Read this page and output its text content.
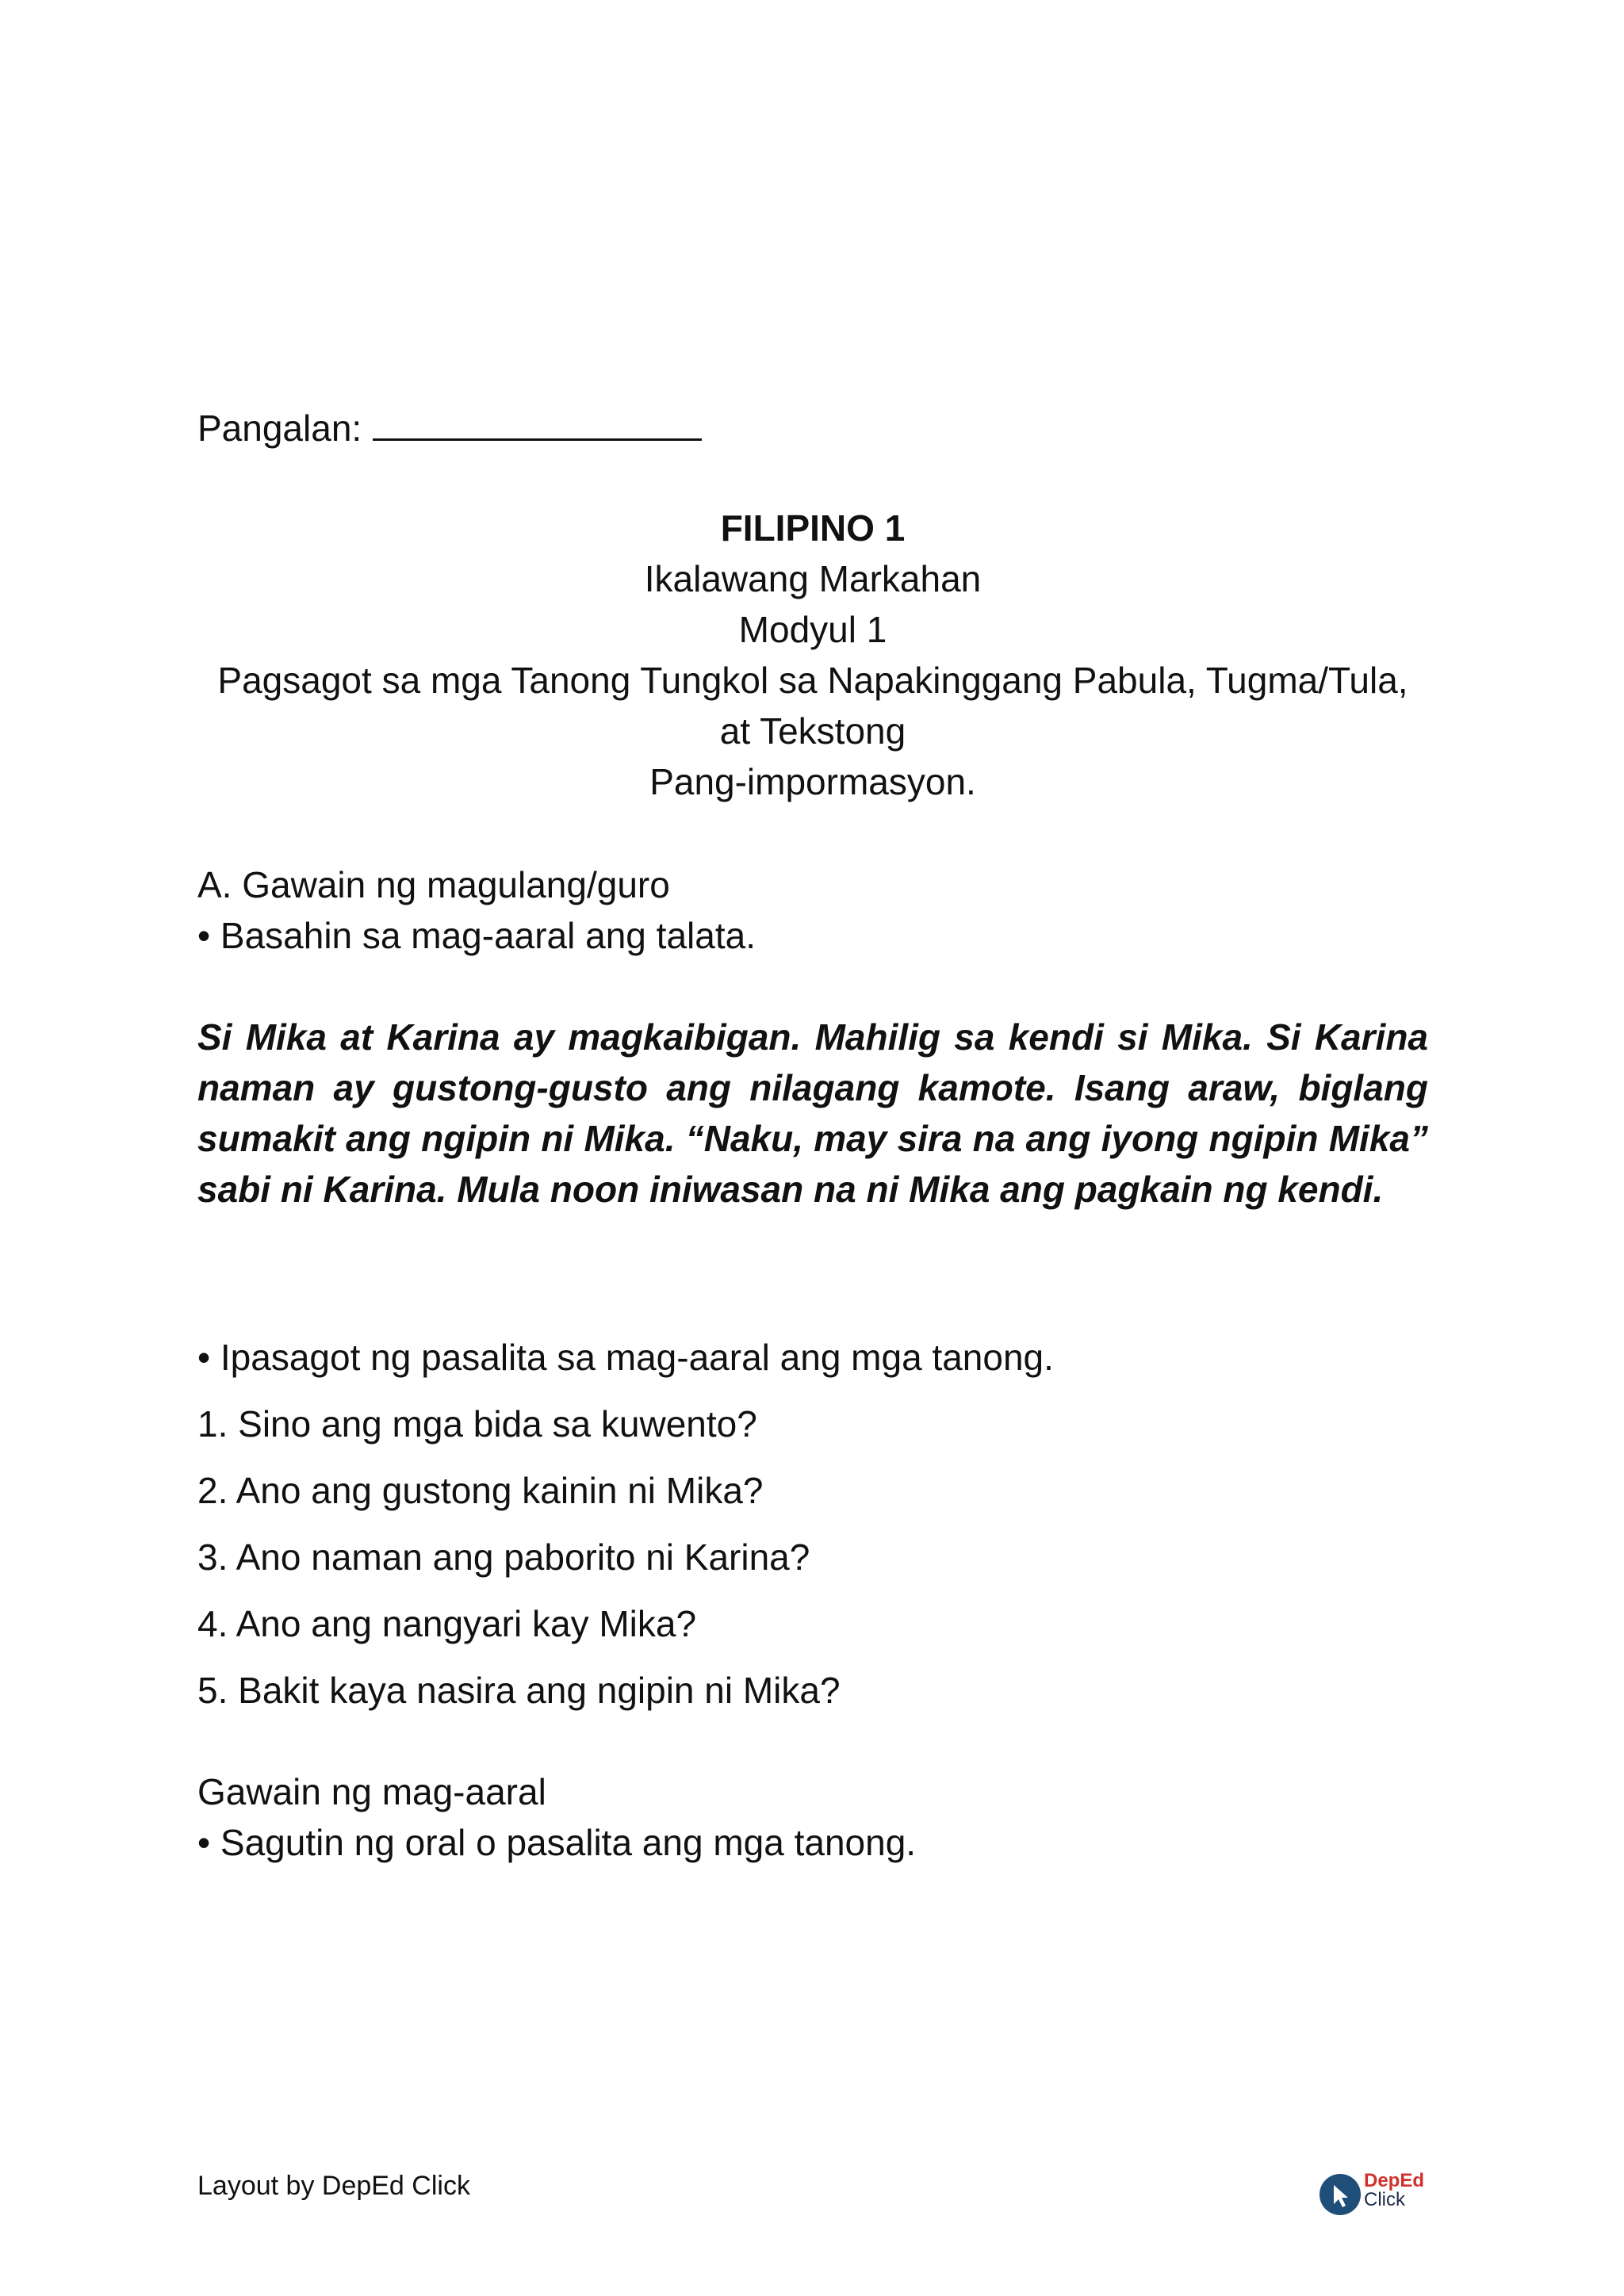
Pangalan:
FILIPINO 1
Ikalawang Markahan
Modyul 1
Pagsagot sa mga Tanong Tungkol sa Napakinggang Pabula, Tugma/Tula,
at Tekstong
Pang-impormasyon.
A. Gawain ng magulang/guro
• Basahin sa mag-aaral ang talata.
Si Mika at Karina ay magkaibigan. Mahilig sa kendi si Mika. Si Karina naman ay gustong-gusto ang nilagang kamote. Isang araw, biglang sumakit ang ngipin ni Mika. “Naku, may sira na ang iyong ngipin Mika” sabi ni Karina. Mula noon iniwasan na ni Mika ang pagkain ng kendi.
• Ipasagot ng pasalita sa mag-aaral ang mga tanong.
1. Sino ang mga bida sa kuwento?
2. Ano ang gustong kainin ni Mika?
3. Ano naman ang paborito ni Karina?
4. Ano ang nangyari kay Mika?
5. Bakit kaya nasira ang ngipin ni Mika?
Gawain ng mag-aaral
• Sagutin ng oral o pasalita ang mga tanong.
Layout by DepEd Click	DepEd
Click
